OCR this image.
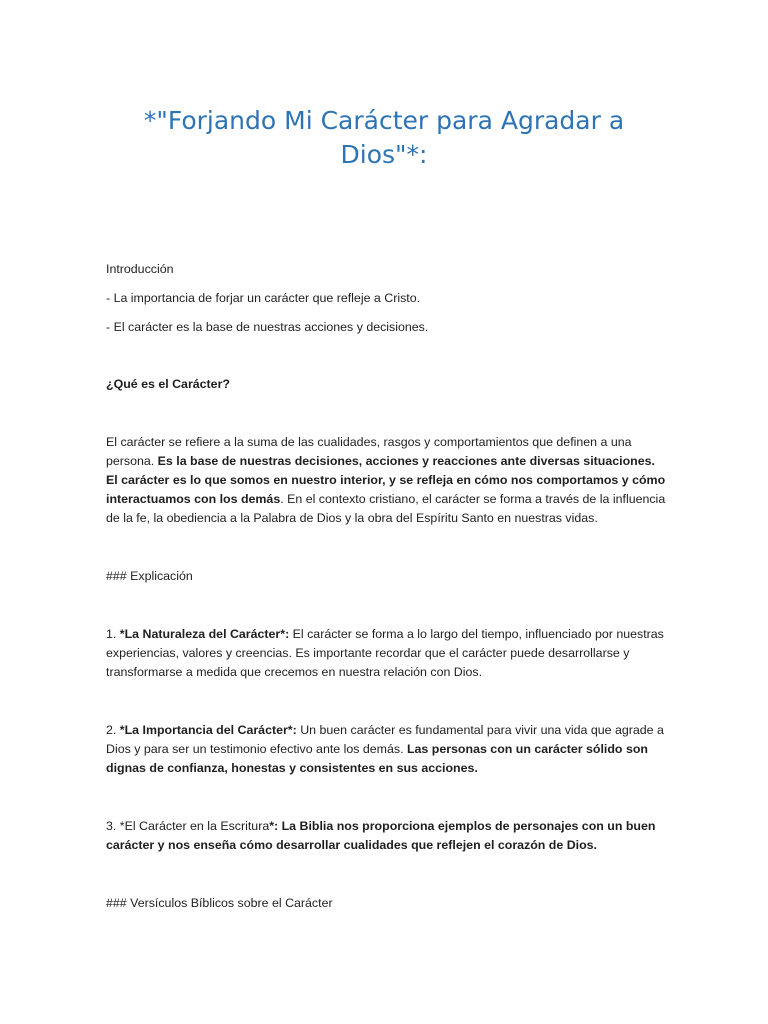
*"Forjando Mi Carácter para Agradar a Dios"*:

Introducción

- La importancia de forjar un carácter que refleje a Cristo.

- El carácter es la base de nuestras acciones y decisiones.

¿Qué es el Carácter?

El carácter se refiere a la suma de las cualidades, rasgos y comportamientos que definen a una persona. Es la base de nuestras decisiones, acciones y reacciones ante diversas situaciones. El carácter es lo que somos en nuestro interior, y se refleja en cómo nos comportamos y cómo interactuamos con los demás. En el contexto cristiano, el carácter se forma a través de la influencia de la fe, la obediencia a la Palabra de Dios y la obra del Espíritu Santo en nuestras vidas.

### Explicación

1. *La Naturaleza del Carácter*: El carácter se forma a lo largo del tiempo, influenciado por nuestras experiencias, valores y creencias. Es importante recordar que el carácter puede desarrollarse y transformarse a medida que crecemos en nuestra relación con Dios.

2. *La Importancia del Carácter*: Un buen carácter es fundamental para vivir una vida que agrade a Dios y para ser un testimonio efectivo ante los demás. Las personas con un carácter sólido son dignas de confianza, honestas y consistentes en sus acciones.

3. *El Carácter en la Escritura*: La Biblia nos proporciona ejemplos de personajes con un buen carácter y nos enseña cómo desarrollar cualidades que reflejen el corazón de Dios.

### Versículos Bíblicos sobre el Carácter
